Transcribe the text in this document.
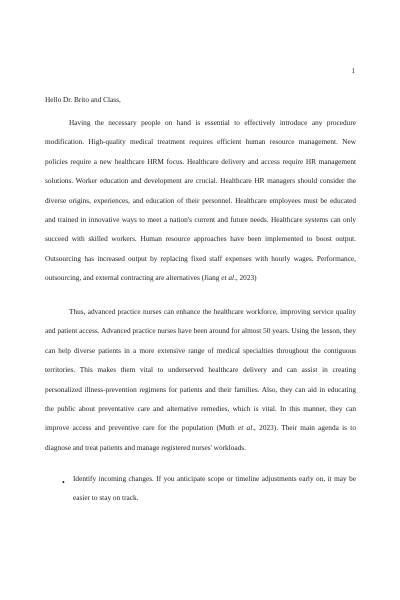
1
Hello Dr. Brito and Class,

Having the necessary people on hand is essential to effectively introduce any procedure modification. High-quality medical treatment requires efficient human resource management. New policies require a new healthcare HRM focus. Healthcare delivery and access require HR management solutions. Worker education and development are crucial. Healthcare HR managers should consider the diverse origins, experiences, and education of their personnel. Healthcare employees must be educated and trained in innovative ways to meet a nation's current and future needs. Healthcare systems can only succeed with skilled workers. Human resource approaches have been implemented to boost output. Outsourcing has increased output by replacing fixed staff expenses with hourly wages. Performance, outsourcing, and external contracting are alternatives (Jiang et al., 2023)

Thus, advanced practice nurses can enhance the healthcare workforce, improving service quality and patient access. Advanced practice nurses have been around for almost 50 years. Using the lesson, they can help diverse patients in a more extensive range of medical specialties throughout the contiguous territories. This makes them vital to underserved healthcare delivery and can assist in creating personalized illness-prevention regimens for patients and their families. Also, they can aid in educating the public about preventative care and alternative remedies, which is vital. In this manner, they can improve access and preventive care for the population (Muth et al., 2023). Their main agenda is to diagnose and treat patients and manage registered nurses' workloads.

• Identify incoming changes. If you anticipate scope or timeline adjustments early on, it may be easier to stay on track.
